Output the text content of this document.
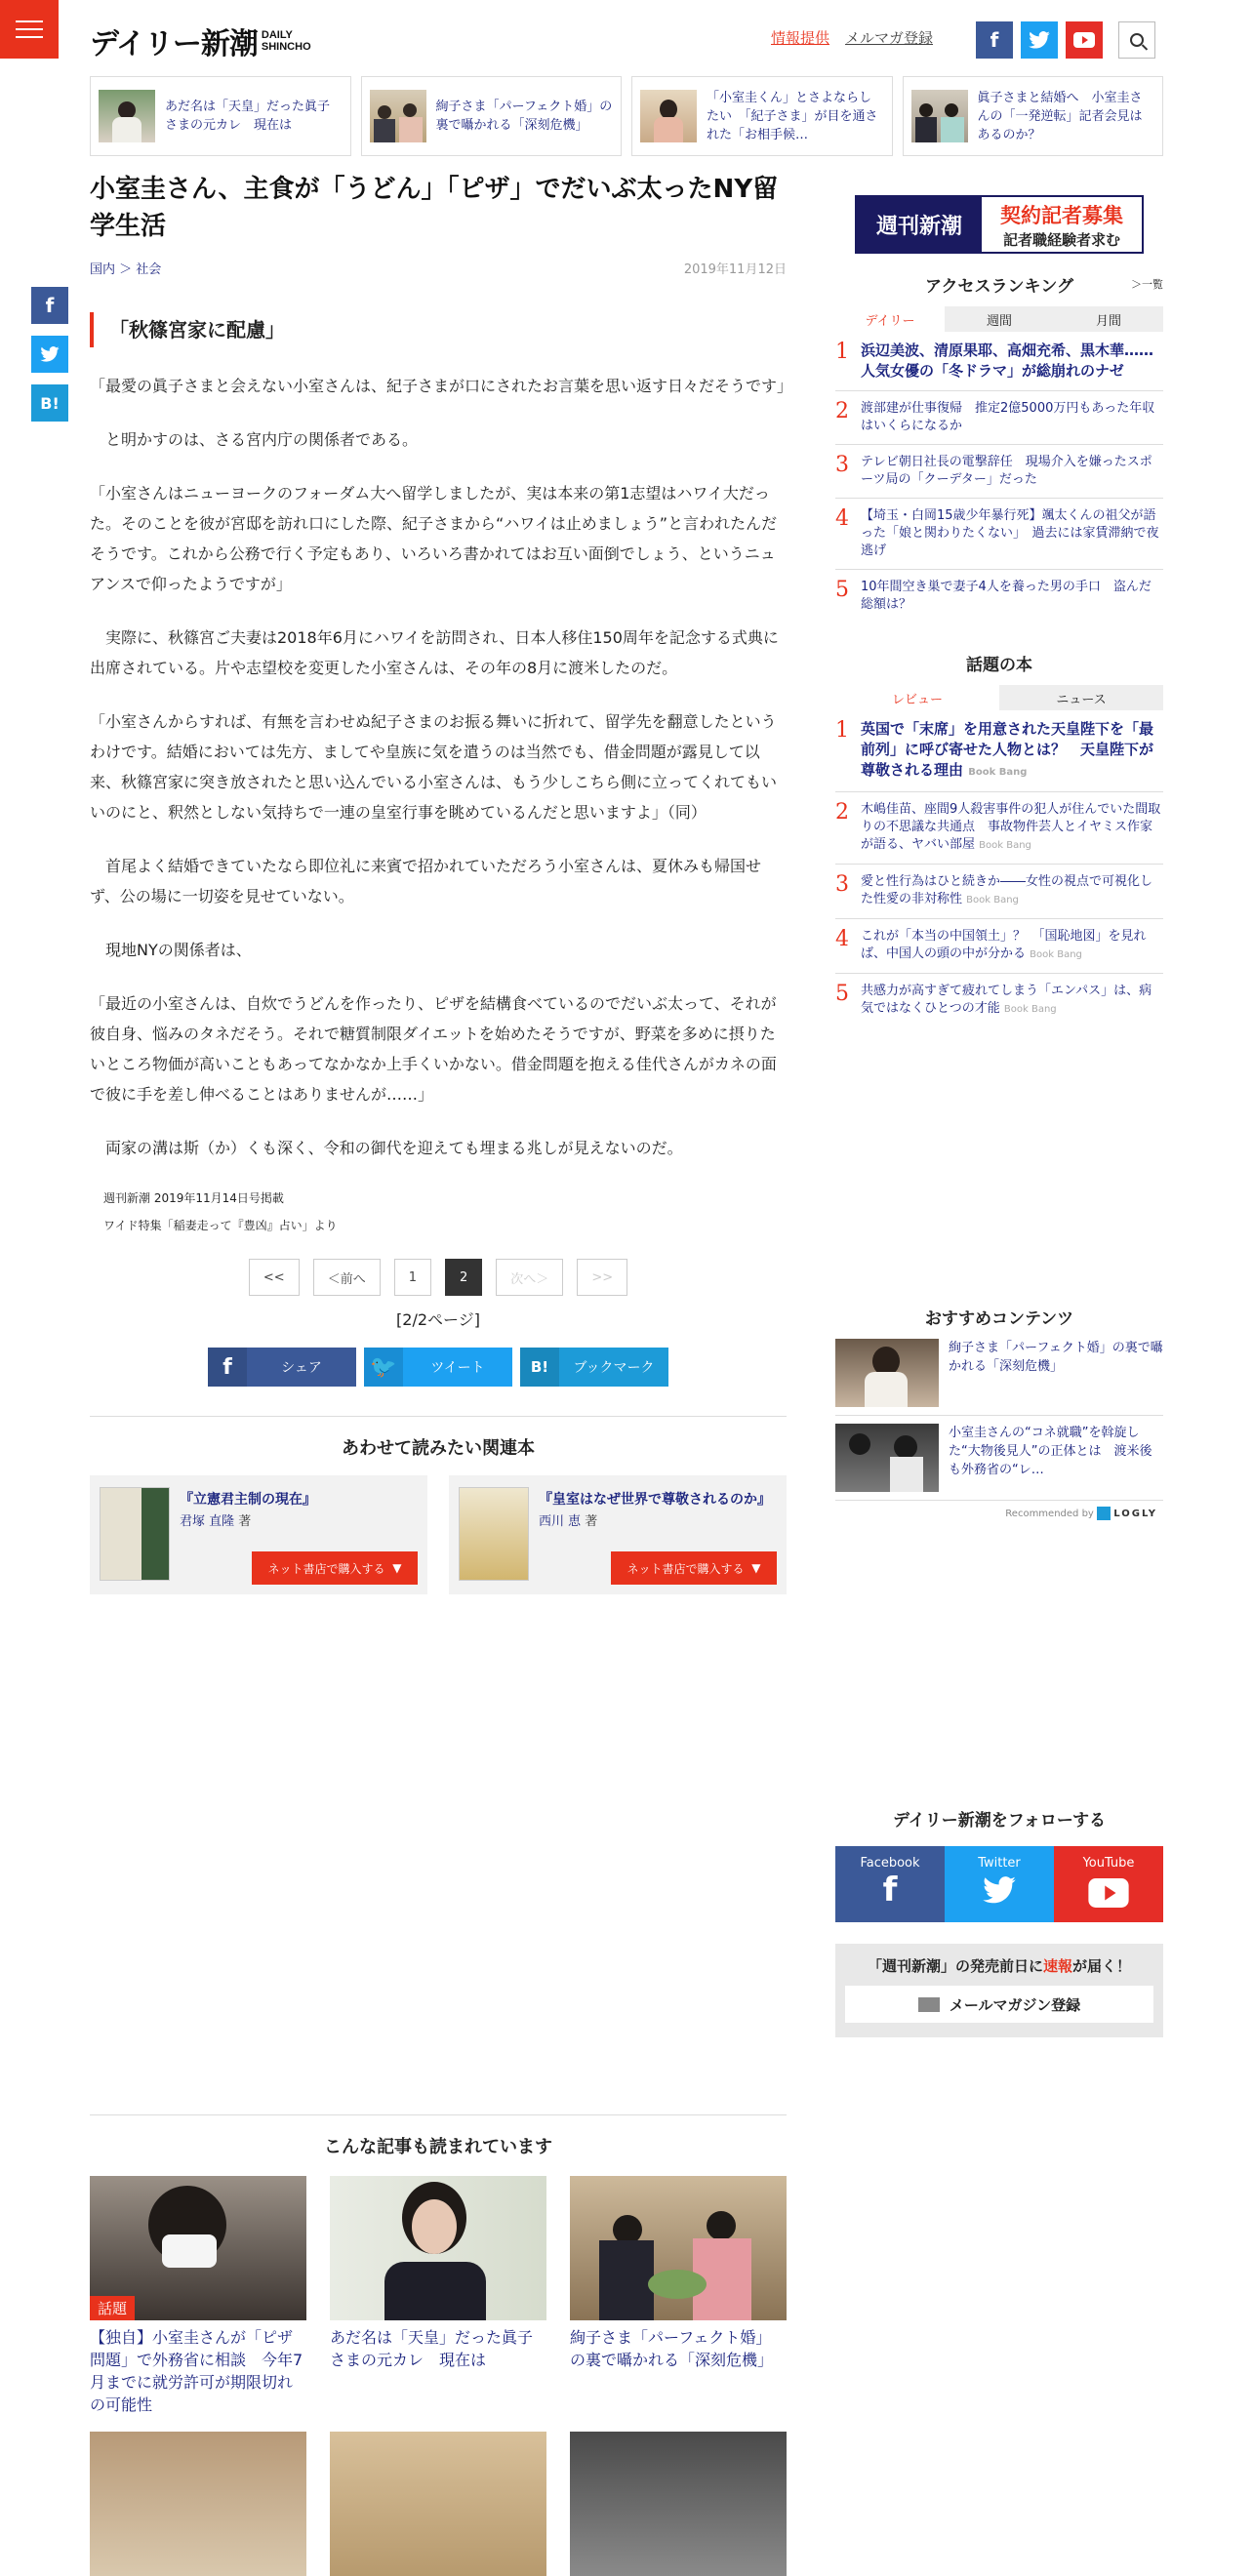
デイリー新潮 DAILY
SHINCHO	情報提供 メルマガ登録	f
あだ名は「天皇」だった眞子さまの元カレ　現在は
絢子さま「パーフェクト婚」の裏で囁かれる「深刻危機」
「小室圭くん」とさよならしたい　「紀子さま」が目を通された「お相手候…
眞子さまと結婚へ　小室圭さんの「一発逆転」記者会見はあるのか？
f
B!
小室圭さん、主食が「うどん」「ピザ」でだいぶ太ったNY留学生活
国内 ＞ 社会	2019年11月12日
「秋篠宮家に配慮」

「最愛の眞子さまと会えない小室さんは、紀子さまが口にされたお言葉を思い返す日々だそうです」

と明かすのは、さる宮内庁の関係者である。

「小室さんはニューヨークのフォーダム大へ留学しましたが、実は本来の第1志望はハワイ大だった。そのことを彼が宮邸を訪れ口にした際、紀子さまから“ハワイは止めましょう”と言われたんだそうです。これから公務で行く予定もあり、いろいろ書かれてはお互い面倒でしょう、というニュアンスで仰ったようですが」

実際に、秋篠宮ご夫妻は2018年6月にハワイを訪問され、日本人移住150周年を記念する式典に出席されている。片や志望校を変更した小室さんは、その年の8月に渡米したのだ。

「小室さんからすれば、有無を言わせぬ紀子さまのお振る舞いに折れて、留学先を翻意したというわけです。結婚においては先方、ましてや皇族に気を遣うのは当然でも、借金問題が露見して以来、秋篠宮家に突き放されたと思い込んでいる小室さんは、もう少しこちら側に立ってくれてもいいのにと、釈然としない気持ちで一連の皇室行事を眺めているんだと思いますよ」（同）

首尾よく結婚できていたなら即位礼に来賓で招かれていただろう小室さんは、夏休みも帰国せず、公の場に一切姿を見せていない。

現地NYの関係者は、

「最近の小室さんは、自炊でうどんを作ったり、ピザを結構食べているのでだいぶ太って、それが彼自身、悩みのタネだそう。それで糖質制限ダイエットを始めたそうですが、野菜を多めに摂りたいところ物価が高いこともあってなかなか上手くいかない。借金問題を抱える佳代さんがカネの面で彼に手を差し伸べることはありませんが……」

両家の溝は斯（か）くも深く、令和の御代を迎えても埋まる兆しが見えないのだ。

週刊新潮 2019年11月14日号掲載
ワイド特集「稲妻走って『豊凶』占い」より
<<	＜ 前へ	1	2	次へ ＞	>>
[2/2ページ]
f	シェア	🐦	ツイート	B!	ブックマーク
あわせて読みたい関連本
『立憲君主制の現在』
君塚 直隆 著
ネット書店で購入する
▼
『皇室はなぜ世界で尊敬されるのか』
西川 恵 著
ネット書店で購入する
▼
週刊新潮	契約記者募集
記者職経験者求む
アクセスランキング	＞一覧
デイリー	週間	月間
1 浜辺美波、清原果耶、高畑充希、黒木華……人気女優の「冬ドラマ」が総崩れのナゼ
2 渡部建が仕事復帰　推定2億5000万円もあった年収はいくらになるか
3 テレビ朝日社長の電撃辞任　現場介入を嫌ったスポーツ局の「クーデター」だった
4 【埼玉・白岡15歳少年暴行死】颯太くんの祖父が語った「娘と関わりたくない」　過去には家賃滞納で夜逃げ
5 10年間空き巣で妻子4人を養った男の手口　盗んだ総額は？
話題の本
レビュー	ニュース
1 英国で「末席」を用意された天皇陛下を「最前列」に呼び寄せた人物とは？　天皇陛下が尊敬される理由 Book Bang
2 木嶋佳苗、座間9人殺害事件の犯人が住んでいた間取りの不思議な共通点　事故物件芸人とイヤミス作家が語る、ヤバい部屋 Book Bang
3 愛と性行為はひと続きか――女性の視点で可視化した性愛の非対称性 Book Bang
4 これが「本当の中国領土」？　「国恥地図」を見れば、中国人の頭の中が分かる Book Bang
5 共感力が高すぎて疲れてしまう「エンパス」は、病気ではなくひとつの才能 Book Bang
おすすめコンテンツ
絢子さま「パーフェクト婚」の裏で囁かれる「深刻危機」
小室圭さんの“コネ就職”を斡旋した“大物後見人”の正体とは　渡米後も外務省の“レ…
Recommended by LOGLY
デイリー新潮をフォローする
Facebook
f
Twitter	YouTube
「週刊新潮」の発売前日に速報が届く！
メールマガジン登録
こんな記事も読まれています
話題
【独自】小室圭さんが「ピザ問題」で外務省に相談　今年7月までに就労許可が期限切れの可能性
あだ名は「天皇」だった眞子さまの元カレ　現在は
絢子さま「パーフェクト婚」の裏で囁かれる「深刻危機」
